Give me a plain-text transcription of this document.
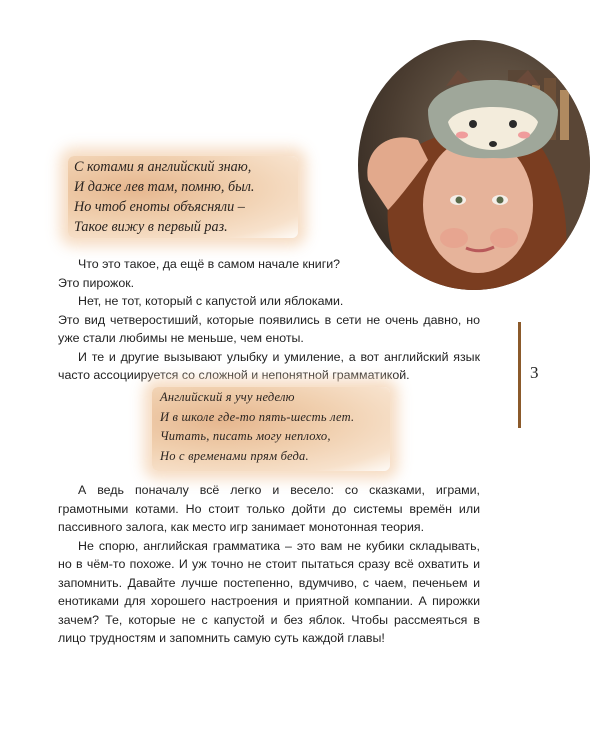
С котами я английский знаю,
И даже лев там, помню, был.
Но чтоб еноты объясняли –
Такое вижу в первый раз.

Что это такое, да ещё в самом начале книги?

Это пирожок.

Нет, не тот, который с капустой или яблоками.

Это вид четверостиший, которые появились в сети не очень давно, но уже стали любимы не меньше, чем еноты.

И те и другие вызывают улыбку и умиление, а вот английский язык часто ассоциируется со сложной и непонятной грамматикой.

Английский я учу неделю
И в школе где-то пять-шесть лет.
Читать, писать могу неплохо,
Но с временами прям беда.

А ведь поначалу всё легко и весело: со сказками, играми, грамотными котами. Но стоит только дойти до системы времён или пассивного залога, как место игр занимает монотонная теория.

Не спорю, английская грамматика – это вам не кубики складывать, но в чём-то похоже. И уж точно не стоит пытаться сразу всё охватить и запомнить. Давайте лучше постепенно, вдумчиво, с чаем, печеньем и енотиками для хорошего настроения и приятной компании. А пирожки зачем? Те, которые не с капустой и без яблок. Чтобы рассмеяться в лицо трудностям и запомнить самую суть каждой главы!

3
